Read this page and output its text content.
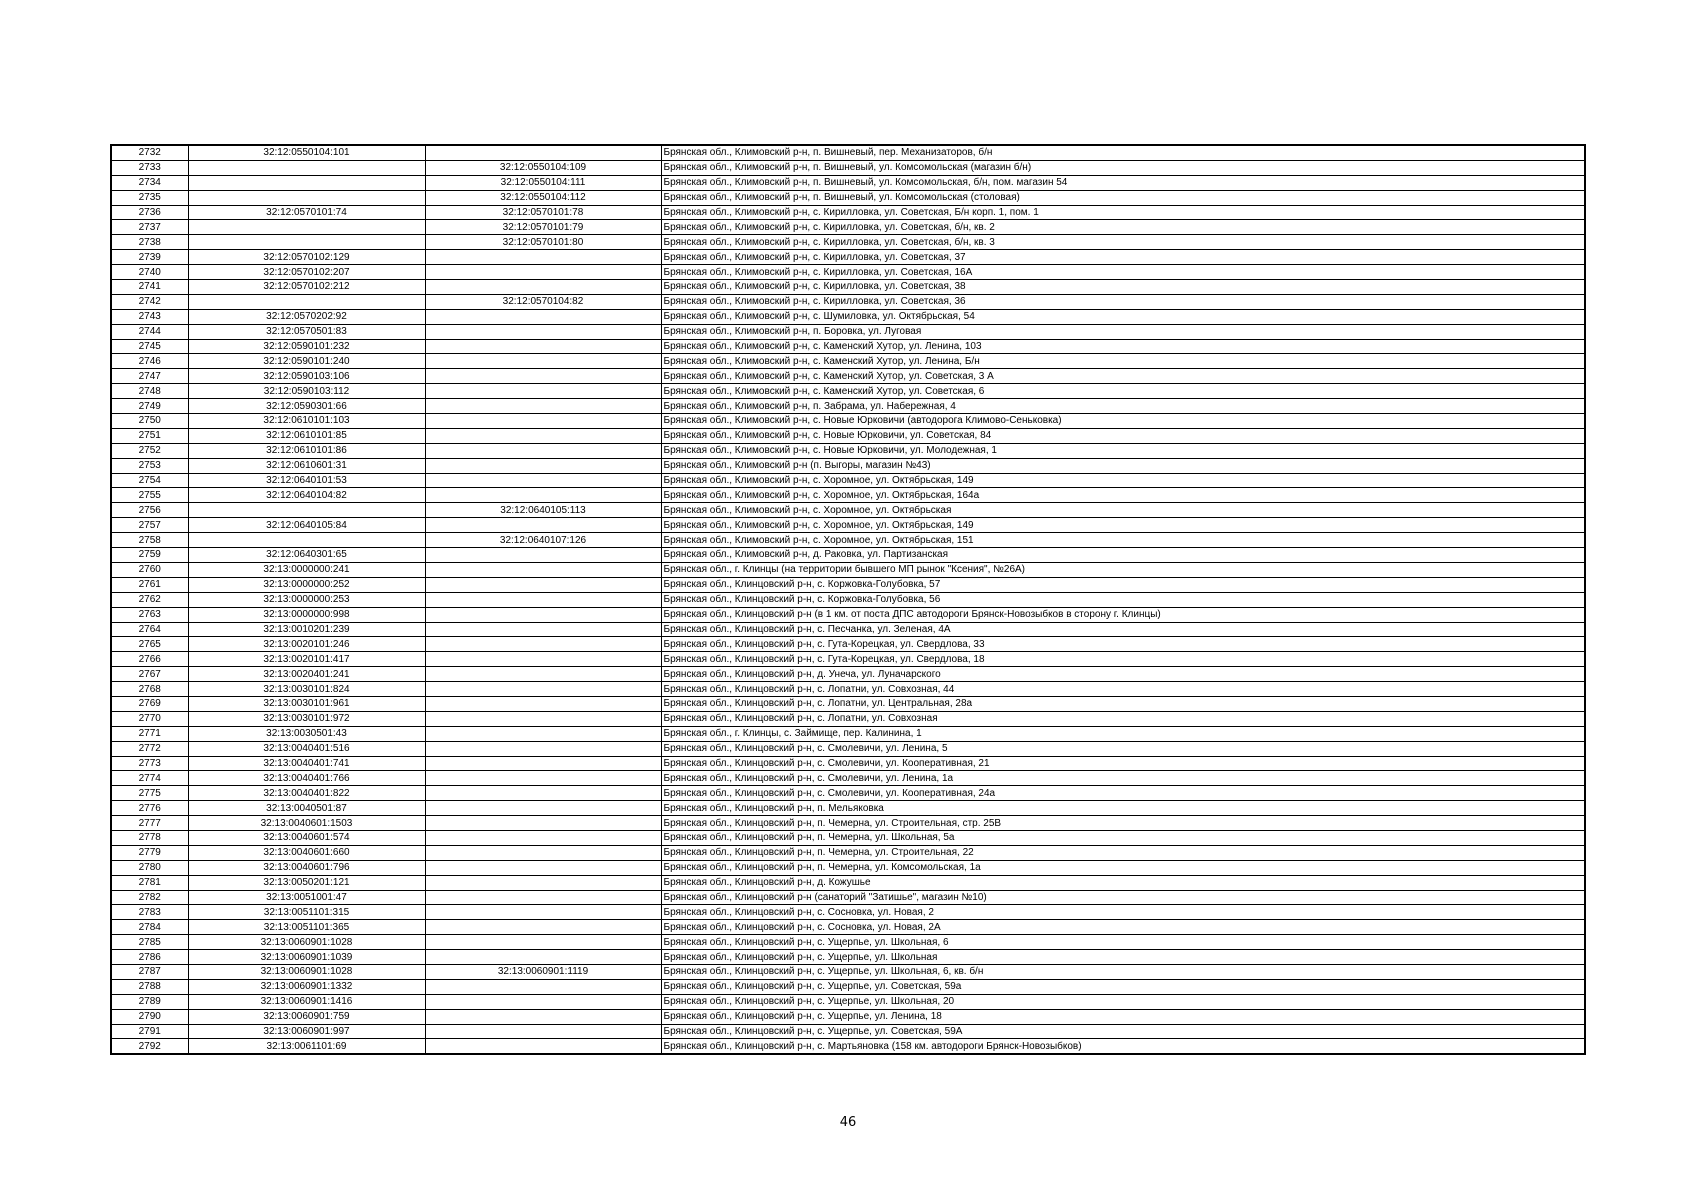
2732	32:12:0550104:101		Брянская обл., Климовский р-н, п. Вишневый, пер. Механизаторов, б/н
2733		32:12:0550104:109	Брянская обл., Климовский р-н, п. Вишневый, ул. Комсомольская (магазин б/н)
2734		32:12:0550104:111	Брянская обл., Климовский р-н, п. Вишневый, ул. Комсомольская, б/н, пом. магазин 54
2735		32:12:0550104:112	Брянская обл., Климовский р-н, п. Вишневый, ул. Комсомольская (столовая)
2736	32:12:0570101:74	32:12:0570101:78	Брянская обл., Климовский р-н, с. Кирилловка, ул. Советская, Б/н корп. 1, пом. 1
2737		32:12:0570101:79	Брянская обл., Климовский р-н, с. Кирилловка, ул. Советская, б/н, кв. 2
2738		32:12:0570101:80	Брянская обл., Климовский р-н, с. Кирилловка, ул. Советская, б/н, кв. 3
2739	32:12:0570102:129		Брянская обл., Климовский р-н, с. Кирилловка, ул. Советская, 37
2740	32:12:0570102:207		Брянская обл., Климовский р-н, с. Кирилловка, ул. Советская, 16А
2741	32:12:0570102:212		Брянская обл., Климовский р-н, с. Кирилловка, ул. Советская, 38
2742		32:12:0570104:82	Брянская обл., Климовский р-н, с. Кирилловка, ул. Советская, 36
2743	32:12:0570202:92		Брянская обл., Климовский р-н, с. Шумиловка, ул. Октябрьская, 54
2744	32:12:0570501:83		Брянская обл., Климовский р-н, п. Боровка, ул. Луговая
2745	32:12:0590101:232		Брянская обл., Климовский р-н, с. Каменский Хутор, ул. Ленина, 103
2746	32:12:0590101:240		Брянская обл., Климовский р-н, с. Каменский Хутор, ул. Ленина, Б/н
2747	32:12:0590103:106		Брянская обл., Климовский р-н, с. Каменский Хутор, ул. Советская, 3 А
2748	32:12:0590103:112		Брянская обл., Климовский р-н, с. Каменский Хутор, ул. Советская, 6
2749	32:12:0590301:66		Брянская обл., Климовский р-н, п. Забрама, ул. Набережная, 4
2750	32:12:0610101:103		Брянская обл., Климовский р-н, с. Новые Юрковичи (автодорога Климово-Сеньковка)
2751	32:12:0610101:85		Брянская обл., Климовский р-н, с. Новые Юрковичи, ул. Советская, 84
2752	32:12:0610101:86		Брянская обл., Климовский р-н, с. Новые Юрковичи, ул. Молодежная, 1
2753	32:12:0610601:31		Брянская обл., Климовский р-н (п. Выгоры, магазин №43)
2754	32:12:0640101:53		Брянская обл., Климовский р-н, с. Хоромное, ул. Октябрьская, 149
2755	32:12:0640104:82		Брянская обл., Климовский р-н, с. Хоромное, ул. Октябрьская, 164а
2756		32:12:0640105:113	Брянская обл., Климовский р-н, с. Хоромное, ул. Октябрьская
2757	32:12:0640105:84		Брянская обл., Климовский р-н, с. Хоромное, ул. Октябрьская, 149
2758		32:12:0640107:126	Брянская обл., Климовский р-н, с. Хоромное, ул. Октябрьская, 151
2759	32:12:0640301:65		Брянская обл., Климовский р-н, д. Раковка, ул. Партизанская
2760	32:13:0000000:241		Брянская обл., г. Клинцы (на территории бывшего МП рынок "Ксения", №26А)
2761	32:13:0000000:252		Брянская обл., Клинцовский р-н, с. Коржовка-Голубовка, 57
2762	32:13:0000000:253		Брянская обл., Клинцовский р-н, с. Коржовка-Голубовка, 56
2763	32:13:0000000:998		Брянская обл., Клинцовский р-н (в 1 км. от поста ДПС автодороги Брянск-Новозыбков в сторону г. Клинцы)
2764	32:13:0010201:239		Брянская обл., Клинцовский р-н, с. Песчанка, ул. Зеленая, 4А
2765	32:13:0020101:246		Брянская обл., Клинцовский р-н, с. Гута-Корецкая, ул. Свердлова, 33
2766	32:13:0020101:417		Брянская обл., Клинцовский р-н, с. Гута-Корецкая, ул. Свердлова, 18
2767	32:13:0020401:241		Брянская обл., Клинцовский р-н, д. Унеча, ул. Луначарского
2768	32:13:0030101:824		Брянская обл., Клинцовский р-н, с. Лопатни, ул. Совхозная, 44
2769	32:13:0030101:961		Брянская обл., Клинцовский р-н, с. Лопатни, ул. Центральная, 28а
2770	32:13:0030101:972		Брянская обл., Клинцовский р-н, с. Лопатни, ул. Совхозная
2771	32:13:0030501:43		Брянская обл., г. Клинцы, с. Займище, пер. Калинина, 1
2772	32:13:0040401:516		Брянская обл., Клинцовский р-н, с. Смолевичи, ул. Ленина, 5
2773	32:13:0040401:741		Брянская обл., Клинцовский р-н, с. Смолевичи, ул. Кооперативная, 21
2774	32:13:0040401:766		Брянская обл., Клинцовский р-н, с. Смолевичи, ул. Ленина, 1а
2775	32:13:0040401:822		Брянская обл., Клинцовский р-н, с. Смолевичи, ул. Кооперативная, 24а
2776	32:13:0040501:87		Брянская обл., Клинцовский р-н, п. Мельяковка
2777	32:13:0040601:1503		Брянская обл., Клинцовский р-н, п. Чемерна, ул. Строительная, стр. 25В
2778	32:13:0040601:574		Брянская обл., Клинцовский р-н, п. Чемерна, ул. Школьная, 5а
2779	32:13:0040601:660		Брянская обл., Клинцовский р-н, п. Чемерна, ул. Строительная, 22
2780	32:13:0040601:796		Брянская обл., Клинцовский р-н, п. Чемерна, ул. Комсомольская, 1а
2781	32:13:0050201:121		Брянская обл., Клинцовский р-н, д. Кожушье
2782	32:13:0051001:47		Брянская обл., Клинцовский р-н (санаторий "Затишье", магазин №10)
2783	32:13:0051101:315		Брянская обл., Клинцовский р-н, с. Сосновка, ул. Новая, 2
2784	32:13:0051101:365		Брянская обл., Клинцовский р-н, с. Сосновка, ул. Новая, 2А
2785	32:13:0060901:1028		Брянская обл., Клинцовский р-н, с. Ущерпье, ул. Школьная, 6
2786	32:13:0060901:1039		Брянская обл., Клинцовский р-н, с. Ущерпье, ул. Школьная
2787	32:13:0060901:1028	32:13:0060901:1119	Брянская обл., Клинцовский р-н, с. Ущерпье, ул. Школьная, 6, кв. б/н
2788	32:13:0060901:1332		Брянская обл., Клинцовский р-н, с. Ущерпье, ул. Советская, 59а
2789	32:13:0060901:1416		Брянская обл., Клинцовский р-н, с. Ущерпье, ул. Школьная, 20
2790	32:13:0060901:759		Брянская обл., Клинцовский р-н, с. Ущерпье, ул. Ленина, 18
2791	32:13:0060901:997		Брянская обл., Клинцовский р-н, с. Ущерпье, ул. Советская, 59А
2792	32:13:0061101:69		Брянская обл., Клинцовский р-н, с. Мартьяновка (158 км. автодороги Брянск-Новозыбков)
46
